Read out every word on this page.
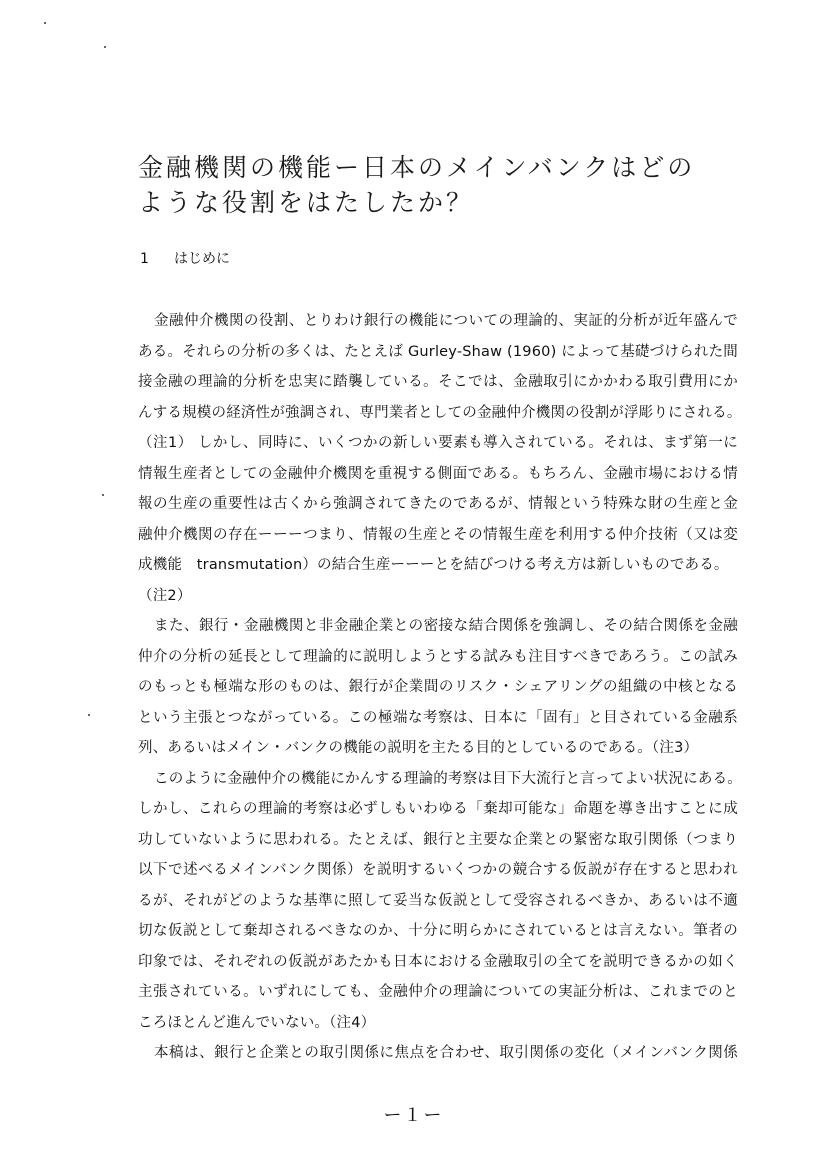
金融機関の機能ー日本のメインバンクはどの
ような役割をはたしたか？
1 はじめに
金融仲介機関の役割、とりわけ銀行の機能についての理論的、実証的分析が近年盛んで
ある。それらの分析の多くは、たとえば Gurley-Shaw (1960) によって基礎づけられた間
接金融の理論的分析を忠実に踏襲している。そこでは、金融取引にかかわる取引費用にか
んする規模の経済性が強調され、専門業者としての金融仲介機関の役割が浮彫りにされる。
（注1） しかし、同時に、いくつかの新しい要素も導入されている。それは、まず第一に
情報生産者としての金融仲介機関を重視する側面である。もちろん、金融市場における情
報の生産の重要性は古くから強調されてきたのであるが、情報という特殊な財の生産と金
融仲介機関の存在ーーーつまり、情報の生産とその情報生産を利用する仲介技術（又は変
成機能　transmutation）の結合生産ーーーとを結びつける考え方は新しいものである。
（注2）
また、銀行・金融機関と非金融企業との密接な結合関係を強調し、その結合関係を金融
仲介の分析の延長として理論的に説明しようとする試みも注目すべきであろう。この試み
のもっとも極端な形のものは、銀行が企業間のリスク・シェアリングの組織の中核となる
という主張とつながっている。この極端な考察は、日本に「固有」と目されている金融系
列、あるいはメイン・バンクの機能の説明を主たる目的としているのである。（注3）
このように金融仲介の機能にかんする理論的考察は目下大流行と言ってよい状況にある。
しかし、これらの理論的考察は必ずしもいわゆる「棄却可能な」命題を導き出すことに成
功していないように思われる。たとえば、銀行と主要な企業との緊密な取引関係（つまり
以下で述べるメインバンク関係）を説明するいくつかの競合する仮説が存在すると思われ
るが、それがどのような基準に照して妥当な仮説として受容されるべきか、あるいは不適
切な仮説として棄却されるべきなのか、十分に明らかにされているとは言えない。筆者の
印象では、それぞれの仮説があたかも日本における金融取引の全てを説明できるかの如く
主張されている。いずれにしても、金融仲介の理論についての実証分析は、これまでのと
ころほとんど進んでいない。（注4）
本稿は、銀行と企業との取引関係に焦点を合わせ、取引関係の変化（メインバンク関係
ー１ー
